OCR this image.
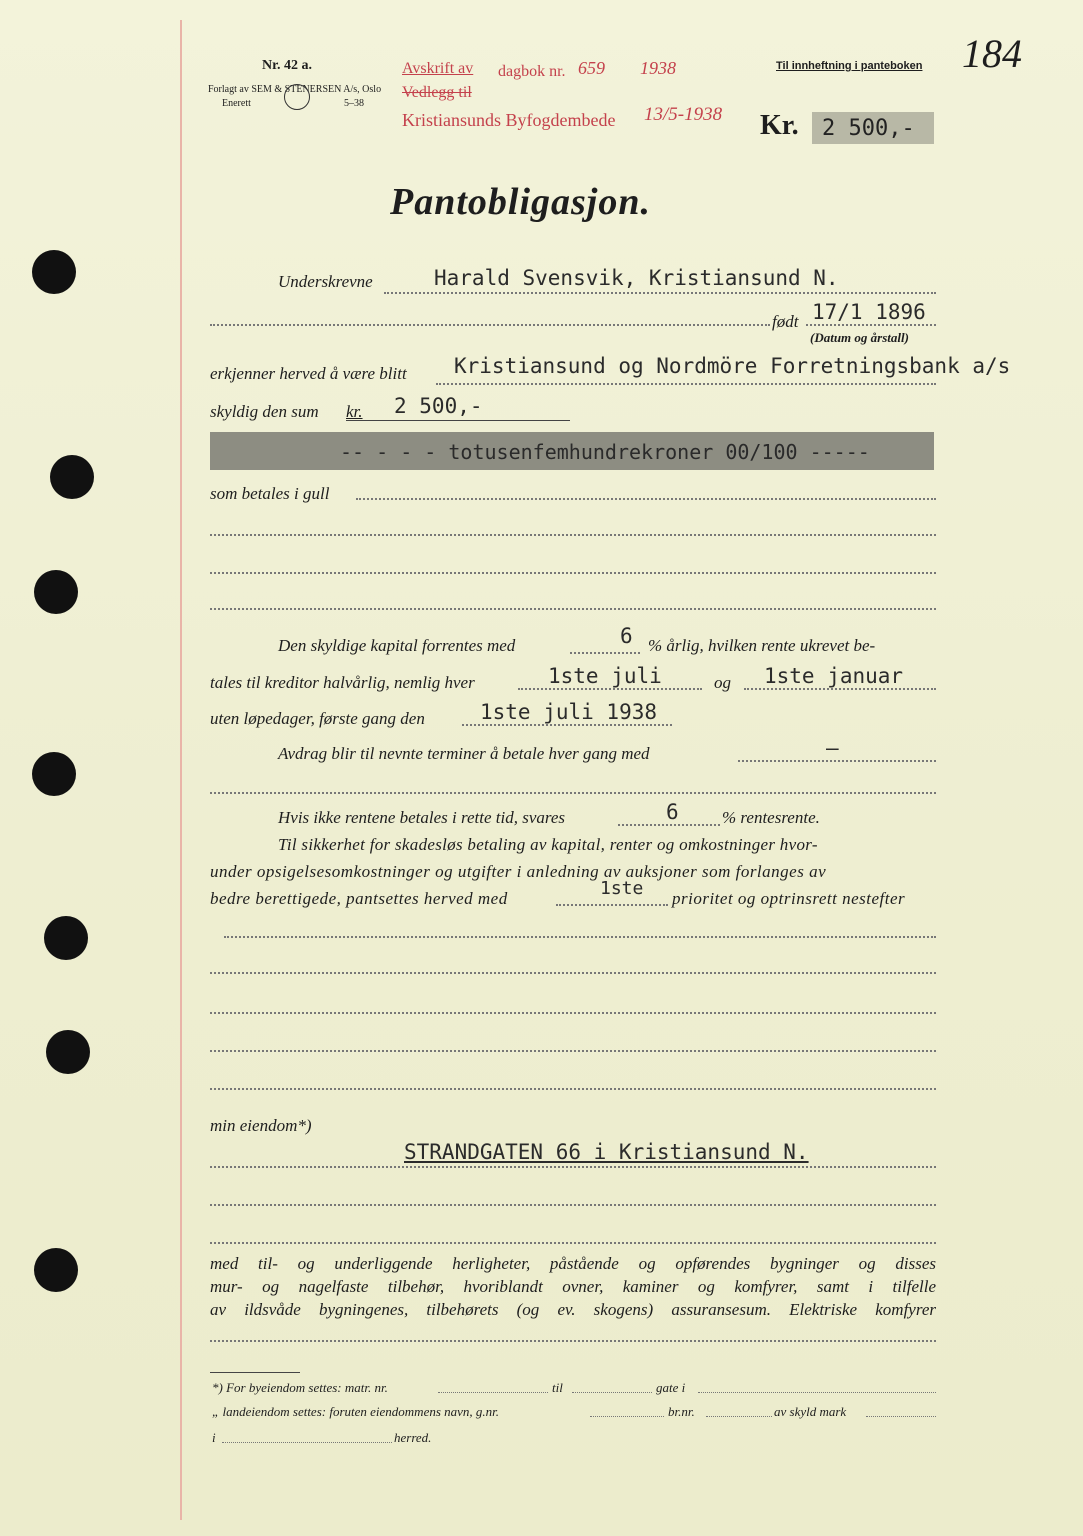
Nr. 42 a.
Forlagt av SEM & STENERSEN A/s, Oslo
Enerett	5–38
Avskrift av dagbok nr. 659 1938
Vedlegg til
Kristiansunds Byfogdembede 13/5-1938
Til innheftning i panteboken 184
Kr. 2 500,-
Pantobligasjon.
Underskrevne	Harald Svensvik, Kristiansund N.
født 17/1 1896
(Datum og årstall)
erkjenner herved å være blitt Kristiansund og Nordmöre Forretningsbank a/s
skyldig den sum kr. 2 500,-
-- - - - totusenfemhundrekroner 00/100 -----
som betales i gull
Den skyldige kapital forrentes med	6 % årlig, hvilken rente ukrevet be-
tales til kreditor halvårlig, nemlig hver	1ste juli	og 1ste januar
uten løpedager, første gang den	1ste juli 1938
Avdrag blir til nevnte terminer å betale hver gang med	—
Hvis ikke rentene betales i rette tid, svares	6	% rentesrente.
Til sikkerhet for skadesløs betaling av kapital, renter og omkostninger hvor-
under opsigelsesomkostninger og utgifter i anledning av auksjoner som forlanges av
bedre berettigede, pantsettes herved med	1ste prioritet og optrinsrett nestefter
min eiendom*)
STRANDGATEN 66 i Kristiansund N.
med til- og underliggende herligheter, påstående og opførendes bygninger og disses
mur- og nagelfaste tilbehør, hvoriblandt ovner, kaminer og komfyrer, samt i tilfelle
av ildsvåde bygningenes, tilbehørets (og ev. skogens) assuransesum. Elektriske komfyrer
*) For byeiendom settes: matr. nr.	til	gate i
„ landeiendom settes: foruten eiendommens navn, g.nr.	br.nr.	av skyld mark
i	herred.
